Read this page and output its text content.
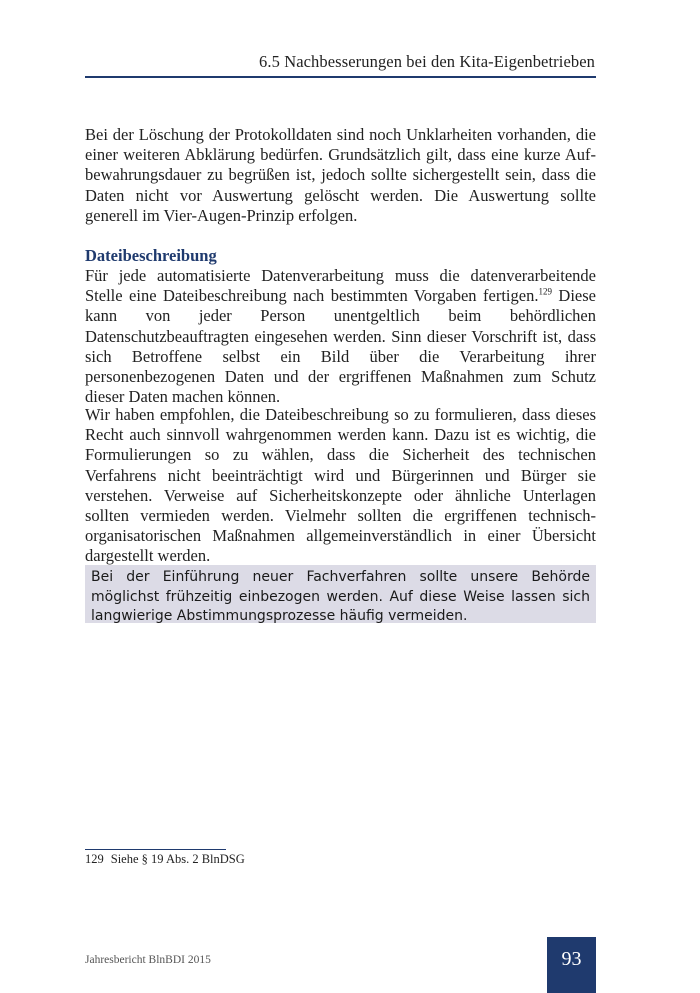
6.5 Nachbesserungen bei den Kita-Eigenbetrieben

Bei der Löschung der Protokolldaten sind noch Unklarheiten vorhanden, die einer weiteren Abklärung bedürfen. Grundsätzlich gilt, dass eine kurze Aufbewahrungsdauer zu begrüßen ist, jedoch sollte sichergestellt sein, dass die Daten nicht vor Auswertung gelöscht werden. Die Auswertung sollte generell im Vier-Augen-Prinzip erfolgen.

Dateibeschreibung

Für jede automatisierte Datenverarbeitung muss die datenverarbeitende Stelle eine Dateibeschreibung nach bestimmten Vorgaben fertigen.$^{129}$ Diese kann von jeder Person unentgeltlich beim behördlichen Datenschutzbeauftragten eingesehen werden. Sinn dieser Vorschrift ist, dass sich Betroffene selbst ein Bild über die Verarbeitung ihrer personenbezogenen Daten und der ergriffenen Maßnahmen zum Schutz dieser Daten machen können.

Wir haben empfohlen, die Dateibeschreibung so zu formulieren, dass dieses Recht auch sinnvoll wahrgenommen werden kann. Dazu ist es wichtig, die Formulierungen so zu wählen, dass die Sicherheit des technischen Verfahrens nicht beeinträchtigt wird und Bürgerinnen und Bürger sie verstehen. Verweise auf Sicherheitskonzepte oder ähnliche Unterlagen sollten vermieden werden. Vielmehr sollten die ergriffenen technisch-organisatorischen Maßnahmen allgemeinverständlich in einer Übersicht dargestellt werden.

Bei der Einführung neuer Fachverfahren sollte unsere Behörde möglichst frühzeitig einbezogen werden. Auf diese Weise lassen sich langwierige Abstimmungsprozesse häufig vermeiden.

129 Siehe § 19 Abs. 2 BlnDSG
Jahresbericht BlnBDI 2015	93
